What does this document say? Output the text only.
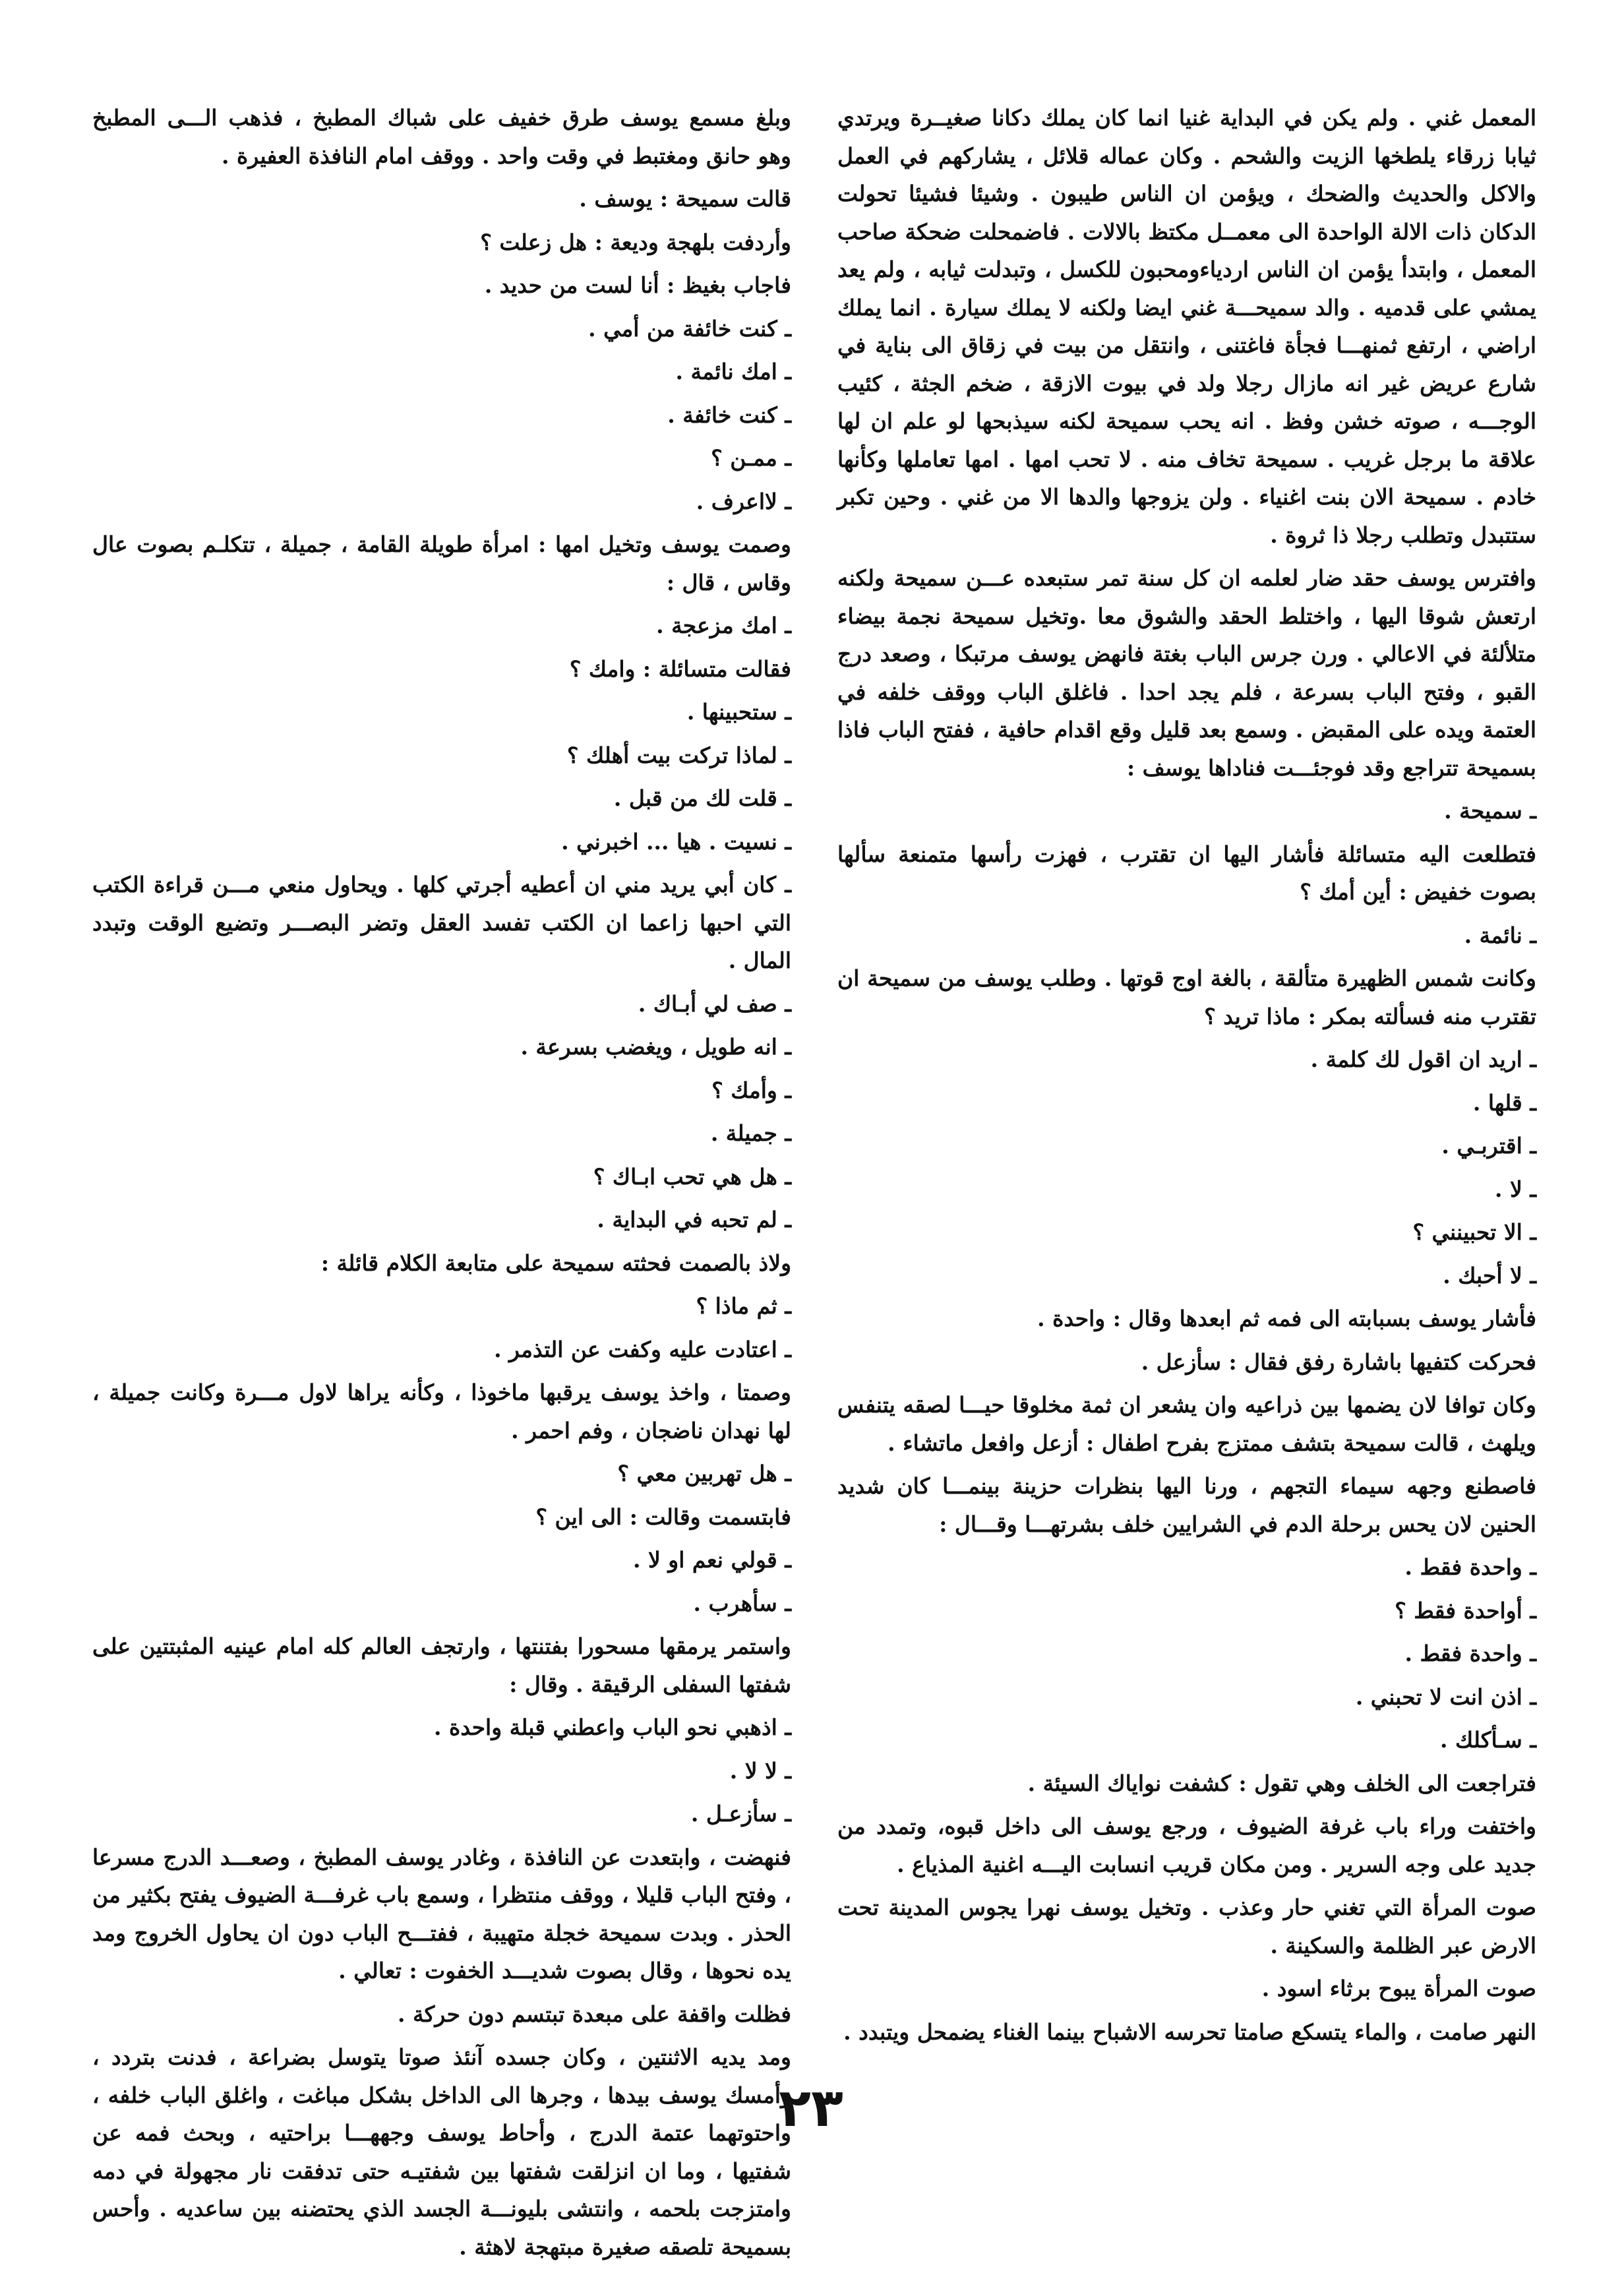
المعمل غني . ولم يكن في البداية غنيا انما كان يملك دكانا صغيــرة ويرتدي ثيابا زرقاء يلطخها الزيت والشحم . وكان عماله قلائل ، يشاركهم في العمل والاكل والحديث والضحك ، ويؤمن ان الناس طيبون . وشيئا فشيئا تحولت الدكان ذات الالة الواحدة الى معمــل مكتظ بالالات . فاضمحلت ضحكة صاحب المعمل ، وابتدأ يؤمن ان الناس اردياءومحبون للكسل ، وتبدلت ثيابه ، ولم يعد يمشي على قدميه . والد سميحـــة غني ايضا ولكنه لا يملك سيارة . انما يملك اراضي ، ارتفع ثمنهـــا فجأة فاغتنى ، وانتقل من بيت في زقاق الى بناية في شارع عريض غير انه مازال رجلا ولد في بيوت الازقة ، ضخم الجثة ، كئيب الوجـــه ، صوته خشن وفظ . انه يحب سميحة لكنه سيذبحها لو علم ان لها علاقة ما برجل غريب . سميحة تخاف منه . لا تحب امها . امها تعاملها وكأنها خادم . سميحة الان بنت اغنياء . ولن يزوجها والدها الا من غني . وحين تكبر ستتبدل وتطلب رجلا ذا ثروة .

وافترس يوسف حقد ضار لعلمه ان كل سنة تمر ستبعده عـــن سميحة ولكنه ارتعش شوقا اليها ، واختلط الحقد والشوق معا .وتخيل سميحة نجمة بيضاء متلألئة في الاعالي . ورن جرس الباب بغتة فانهض يوسف مرتبكا ، وصعد درج القبو ، وفتح الباب بسرعة ، فلم يجد احدا . فاغلق الباب ووقف خلفه في العتمة ويده على المقبض . وسمع بعد قليل وقع اقدام حافية ، ففتح الباب فاذا بسميحة تتراجع وقد فوجئـــت فناداها يوسف :

ـ سميحة .

فتطلعت اليه متسائلة فأشار اليها ان تقترب ، فهزت رأسها متمنعة سألها بصوت خفيض : أين أمك ؟

ـ نائمة .

وكانت شمس الظهيرة متألقة ، بالغة اوج قوتها . وطلب يوسف من سميحة ان تقترب منه فسألته بمكر : ماذا تريد ؟

ـ اريد ان اقول لك كلمة .

ـ قلها .

ـ اقتربـي .

ـ لا .

ـ الا تحبينني ؟

ـ لا أحبك .

فأشار يوسف بسبابته الى فمه ثم ابعدها وقال : واحدة .

فحركت كتفيها باشارة رفق فقال : سأزعل .

وكان توافا لان يضمها بين ذراعيه وان يشعر ان ثمة مخلوقا حيـــا لصقه يتنفس ويلهث ، قالت سميحة بتشف ممتزج بفرح اطفال : أزعل وافعل ماتشاء .

فاصطنع وجهه سيماء التجهم ، ورنا اليها بنظرات حزينة بينمـــا كان شديد الحنين لان يحس برحلة الدم في الشرايين خلف بشرتهـــا وقـــال :

ـ واحدة فقط .

ـ أواحدة فقط ؟

ـ واحدة فقط .

ـ اذن انت لا تحبني .

ـ سـأكلك .

فتراجعت الى الخلف وهي تقول : كشفت نواياك السيئة .

واختفت وراء باب غرفة الضيوف ، ورجع يوسف الى داخل قبوه، وتمدد من جديد على وجه السرير . ومن مكان قريب انسابت اليـــه اغنية المذياع .

صوت المرأة التي تغني حار وعذب . وتخيل يوسف نهرا يجوس المدينة تحت الارض عبر الظلمة والسكينة .

صوت المرأة يبوح برثاء اسود .

النهر صامت ، والماء يتسكع صامتا تحرسه الاشباح بينما الغناء يضمحل ويتبدد .

وبلغ مسمع يوسف طرق خفيف على شباك المطبخ ، فذهب الـــى المطبخ وهو حانق ومغتبط في وقت واحد . ووقف امام النافذة العفيرة .

قالت سميحة : يوسف .

وأردفت بلهجة وديعة : هل زعلت ؟

فاجاب بغيظ : أنا لست من حديد .

ـ كنت خائفة من أمي .

ـ امك نائمة .

ـ كنت خائفة .

ـ ممـن ؟

ـ لااعرف .

وصمت يوسف وتخيل امها : امرأة طويلة القامة ، جميلة ، تتكلـم بصوت عال وقاس ، قال :

ـ امك مزعجة .

فقالت متسائلة : وامك ؟

ـ ستحبينها .

ـ لماذا تركت بيت أهلك ؟

ـ قلت لك من قبل .

ـ نسيت . هيا ... اخبرني .

ـ كان أبي يريد مني ان أعطيه أجرتي كلها . ويحاول منعي مـــن قراءة الكتب التي احبها زاعما ان الكتب تفسد العقل وتضر البصـــر وتضيع الوقت وتبدد المال .

ـ صف لي أبـاك .

ـ انه طويل ، ويغضب بسرعة .

ـ وأمك ؟

ـ جميلة .

ـ هل هي تحب ابـاك ؟

ـ لم تحبه في البداية .

ولاذ بالصمت فحثته سميحة على متابعة الكلام قائلة :

ـ ثم ماذا ؟

ـ اعتادت عليه وكفت عن التذمر .

وصمتا ، واخذ يوسف يرقبها ماخوذا ، وكأنه يراها لاول مـــرة وكانت جميلة ، لها نهدان ناضجان ، وفم احمر .

ـ هل تهربين معي ؟

فابتسمت وقالت : الى اين ؟

ـ قولي نعم او لا .

ـ سأهرب .

واستمر يرمقها مسحورا بفتنتها ، وارتجف العالم كله امام عينيه المثبتتين على شفتها السفلى الرقيقة . وقال :

ـ اذهبي نحو الباب واعطني قبلة واحدة .

ـ لا لا .

ـ سأزعـل .

فنهضت ، وابتعدت عن النافذة ، وغادر يوسف المطبخ ، وصعـــد الدرج مسرعا ، وفتح الباب قليلا ، ووقف منتظرا ، وسمع باب غرفـــة الضيوف يفتح بكثير من الحذر . وبدت سميحة خجلة متهيبة ، ففتـــح الباب دون ان يحاول الخروج ومد يده نحوها ، وقال بصوت شديـــد الخفوت : تعالي .

فظلت واقفة على مبعدة تبتسم دون حركة .

ومد يديه الاثنتين ، وكان جسده آنئذ صوتا يتوسل بضراعة ، فدنت بتردد ، وأمسك يوسف بيدها ، وجرها الى الداخل بشكل مباغت ، واغلق الباب خلفه ، واحتوتهما عتمة الدرج ، وأحاط يوسف وجههـــا براحتيه ، وبحث فمه عن شفتيها ، وما ان انزلقت شفتها بين شفتيـه حتى تدفقت نار مجهولة في دمه وامتزجت بلحمه ، وانتشى بليونـــة الجسد الذي يحتضنه بين ساعديه . وأحس بسميحة تلصقه صغيرة مبتهجة لاهثة .

٢٣
